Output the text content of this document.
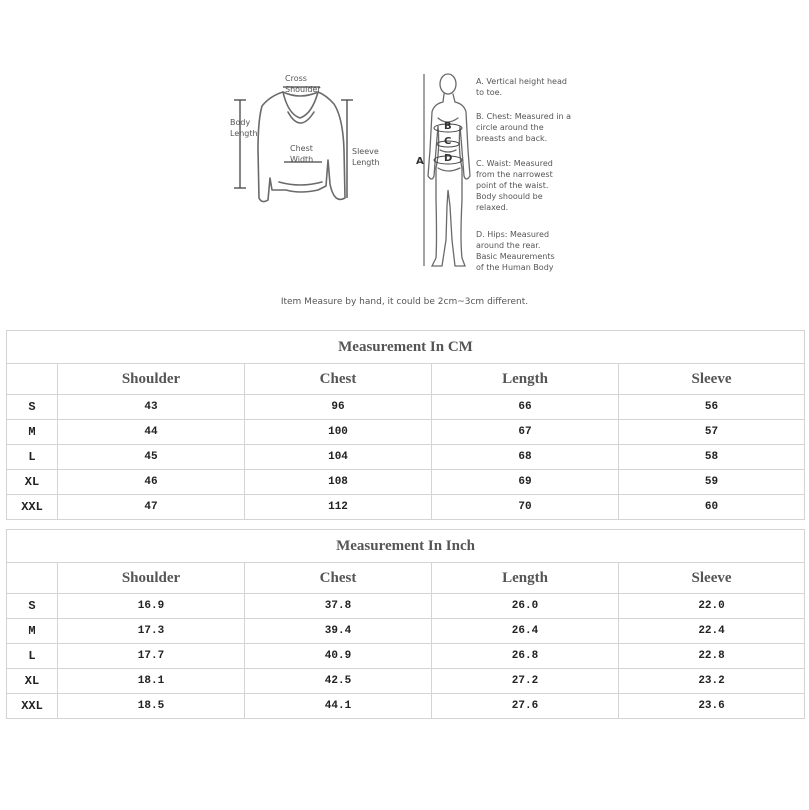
Cross
Shoulder
Body
Length
Chest
Width
Sleeve
Length	A
B
C
D
A. Vertical height head
to toe.
B. Chest: Measured in a
circle around the
breasts and back.
C. Waist: Measured
from the narrowest
point of the waist.
Body shoould be
relaxed.
D. Hips: Measured
around the rear.
Basic Meaurements
of the Human Body
Item Measure by hand, it could be 2cm~3cm different.
Measurement In CM				
	Shoulder	Chest	Length	Sleeve
S	43	96	66	56
M	44	100	67	57
L	45	104	68	58
XL	46	108	69	59
XXL	47	112	70	60
Measurement In Inch				
	Shoulder	Chest	Length	Sleeve
S	16.9	37.8	26.0	22.0
M	17.3	39.4	26.4	22.4
L	17.7	40.9	26.8	22.8
XL	18.1	42.5	27.2	23.2
XXL	18.5	44.1	27.6	23.6
